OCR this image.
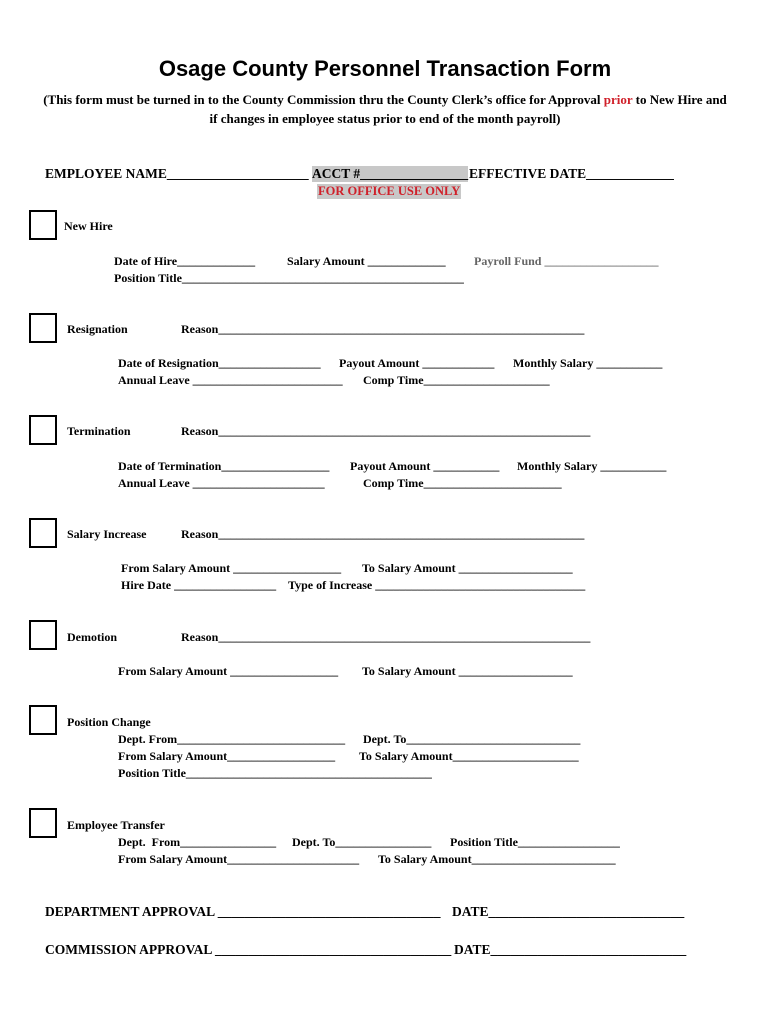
Osage County Personnel Transaction Form
(This form must be turned in to the County Commission thru the County Clerk’s office for Approval prior to New Hire and if changes in employee status prior to end of the month payroll)
EMPLOYEE NAME_____________________ ACCT #________________ EFFECTIVE DATE_____________
FOR OFFICE USE ONLY
New Hire
Date of Hire_____________	Salary Amount _____________ Payroll Fund ___________________
Position Title_______________________________________________
Resignation	Reason_____________________________________________________________
Date of Resignation_________________ Payout Amount ____________ Monthly Salary ___________
Annual Leave _________________________ Comp Time_____________________
Termination	Reason______________________________________________________________
Date of Termination__________________ Payout Amount ___________ Monthly Salary ___________
Annual Leave ______________________	Comp Time_______________________
Salary Increase	Reason_____________________________________________________________
From Salary Amount __________________ To Salary Amount ___________________
Hire Date _________________ Type of Increase ___________________________________
Demotion	Reason______________________________________________________________
From Salary Amount __________________ To Salary Amount ___________________
Position Change
Dept. From____________________________ Dept. To_____________________________
From Salary Amount__________________ To Salary Amount_____________________
Position Title_________________________________________
Employee Transfer
Dept.  From________________ Dept. To________________ Position Title_________________
From Salary Amount______________________ To Salary Amount________________________
DEPARTMENT APPROVAL _________________________________ DATE_____________________________
COMMISSION APPROVAL ___________________________________ DATE_____________________________
